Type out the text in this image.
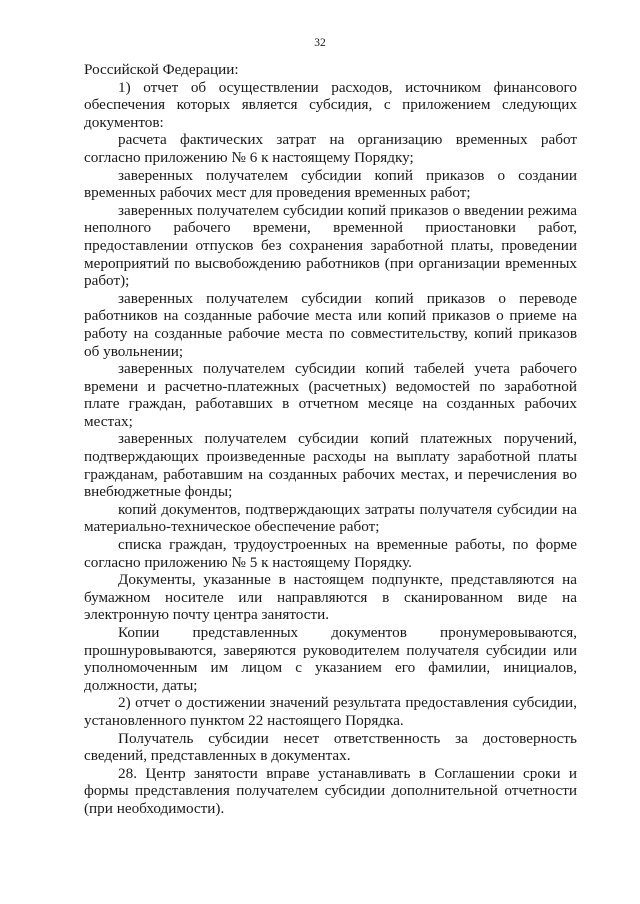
32

Российской Федерации:

1) отчет об осуществлении расходов, источником финансового обеспечения которых является субсидия, с приложением следующих документов:

расчета фактических затрат на организацию временных работ согласно приложению № 6 к настоящему Порядку;

заверенных получателем субсидии копий приказов о создании временных рабочих мест для проведения временных работ;

заверенных получателем субсидии копий приказов о введении режима неполного рабочего времени, временной приостановки работ, предоставлении отпусков без сохранения заработной платы, проведении мероприятий по высвобождению работников (при организации временных работ);

заверенных получателем субсидии копий приказов о переводе работников на созданные рабочие места или копий приказов о приеме на работу на созданные рабочие места по совместительству, копий приказов об увольнении;

заверенных получателем субсидии копий табелей учета рабочего времени и расчетно-платежных (расчетных) ведомостей по заработной плате граждан, работавших в отчетном месяце на созданных рабочих местах;

заверенных получателем субсидии копий платежных поручений, подтверждающих произведенные расходы на выплату заработной платы гражданам, работавшим на созданных рабочих местах, и перечисления во внебюджетные фонды;

копий документов, подтверждающих затраты получателя субсидии на материально-техническое обеспечение работ;

списка граждан, трудоустроенных на временные работы, по форме согласно приложению № 5 к настоящему Порядку.

Документы, указанные в настоящем подпункте, представляются на бумажном носителе или направляются в сканированном виде на электронную почту центра занятости.

Копии представленных документов пронумеровываются, прошнуровываются, заверяются руководителем получателя субсидии или уполномоченным им лицом с указанием его фамилии, инициалов, должности, даты;

2) отчет о достижении значений результата предоставления субсидии, установленного пунктом 22 настоящего Порядка.

Получатель субсидии несет ответственность за достоверность сведений, представленных в документах.

28. Центр занятости вправе устанавливать в Соглашении сроки и формы представления получателем субсидии дополнительной отчетности (при необходимости).
